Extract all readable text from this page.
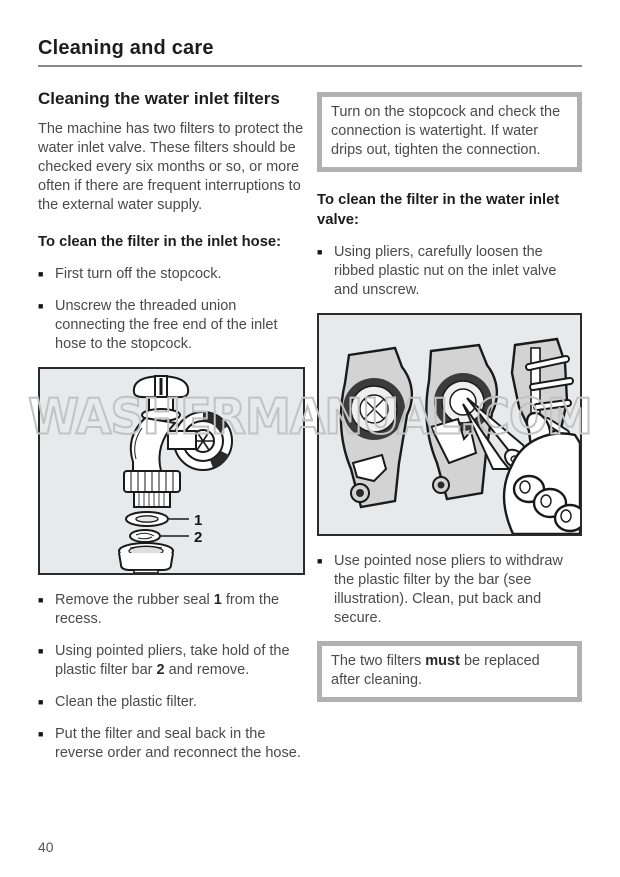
Cleaning and care
Cleaning the water inlet filters

The machine has two filters to protect the water inlet valve. These filters should be checked every six months or so, or more often if there are frequent interruptions to the external water supply.

To clean the filter in the inlet hose:
■ First turn off the stopcock.
■ Unscrew the threaded union connecting the free end of the inlet hose to the stopcock.
1
2
■ Remove the rubber seal 1 from the recess.
■ Using pointed pliers, take hold of the plastic filter bar 2 and remove.
■ Clean the plastic filter.
■ Put the filter and seal back in the reverse order and reconnect the hose.
Turn on the stopcock and check the connection is watertight. If water drips out, tighten the connection.
To clean the filter in the water inlet valve:
■ Using pliers, carefully loosen the ribbed plastic nut on the inlet valve and unscrew.
■ Use pointed nose pliers to withdraw the plastic filter by the bar (see illustration). Clean, put back and secure.
The two filters must be replaced after cleaning.
WASHERMANUAL.COM
40
